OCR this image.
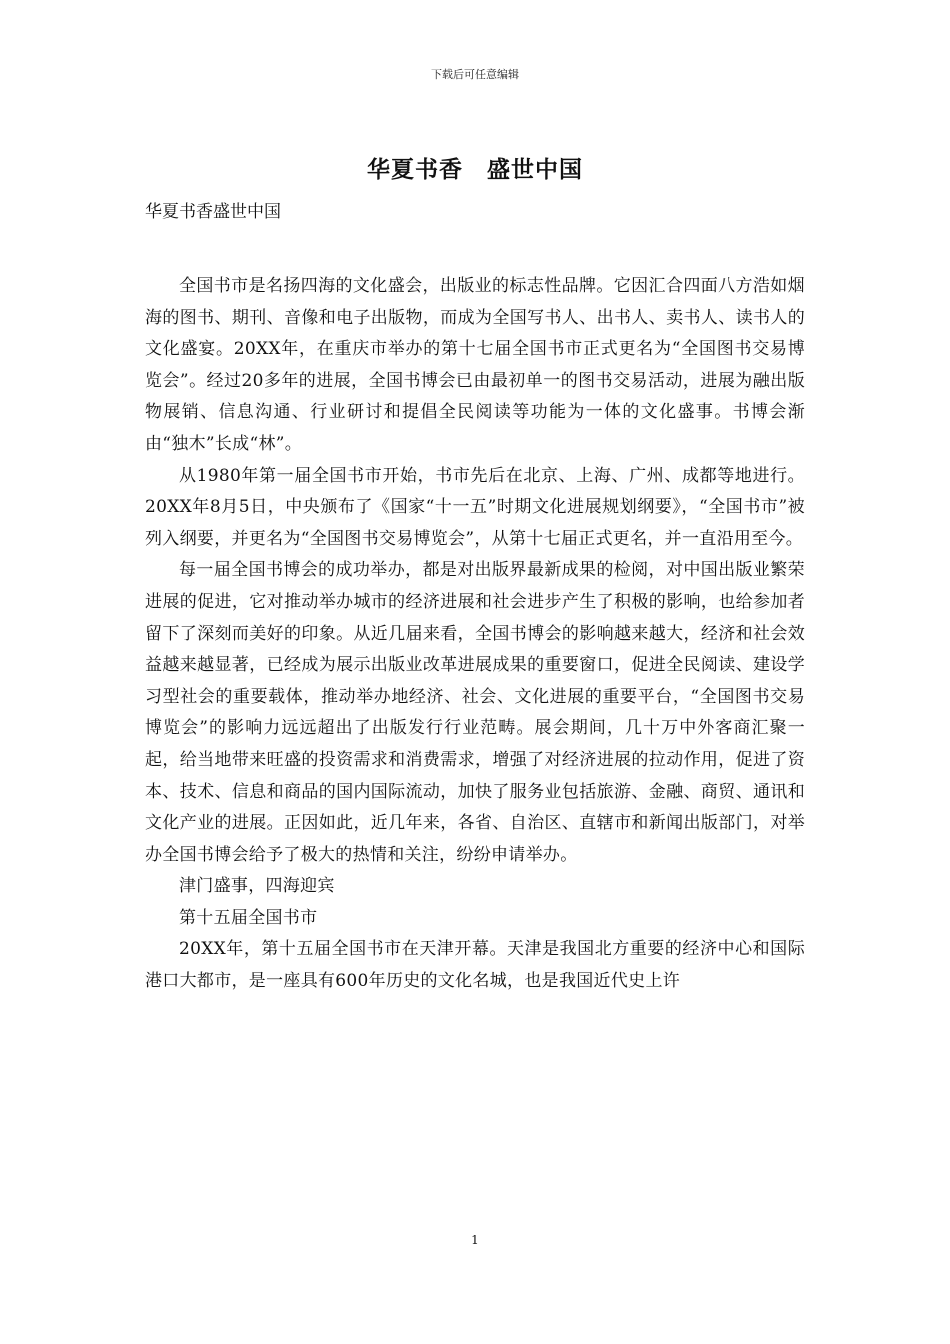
下载后可任意编辑
华夏书香　盛世中国
华夏书香盛世中国

全国书市是名扬四海的文化盛会，出版业的标志性品牌。它因汇合四面八方浩如烟海的图书、期刊、音像和电子出版物，而成为全国写书人、出书人、卖书人、读书人的文化盛宴。20XX年，在重庆市举办的第十七届全国书市正式更名为“全国图书交易博览会”。经过20多年的进展，全国书博会已由最初单一的图书交易活动，进展为融出版物展销、信息沟通、行业研讨和提倡全民阅读等功能为一体的文化盛事。书博会渐由“独木”长成“林”。

从1980年第一届全国书市开始，书市先后在北京、上海、广州、成都等地进行。20XX年8月5日，中央颁布了《国家“十一五”时期文化进展规划纲要》，“全国书市”被列入纲要，并更名为“全国图书交易博览会”，从第十七届正式更名，并一直沿用至今。

每一届全国书博会的成功举办，都是对出版界最新成果的检阅，对中国出版业繁荣进展的促进，它对推动举办城市的经济进展和社会进步产生了积极的影响，也给参加者留下了深刻而美好的印象。从近几届来看，全国书博会的影响越来越大，经济和社会效益越来越显著，已经成为展示出版业改革进展成果的重要窗口，促进全民阅读、建设学习型社会的重要载体，推动举办地经济、社会、文化进展的重要平台，“全国图书交易博览会”的影响力远远超出了出版发行行业范畴。展会期间，几十万中外客商汇聚一起，给当地带来旺盛的投资需求和消费需求，增强了对经济进展的拉动作用，促进了资本、技术、信息和商品的国内国际流动，加快了服务业包括旅游、金融、商贸、通讯和文化产业的进展。正因如此，近几年来，各省、自治区、直辖市和新闻出版部门，对举办全国书博会给予了极大的热情和关注，纷纷申请举办。

津门盛事，四海迎宾

第十五届全国书市

20XX年，第十五届全国书市在天津开幕。天津是我国北方重要的经济中心和国际港口大都市，是一座具有600年历史的文化名城，也是我国近代史上许

1
